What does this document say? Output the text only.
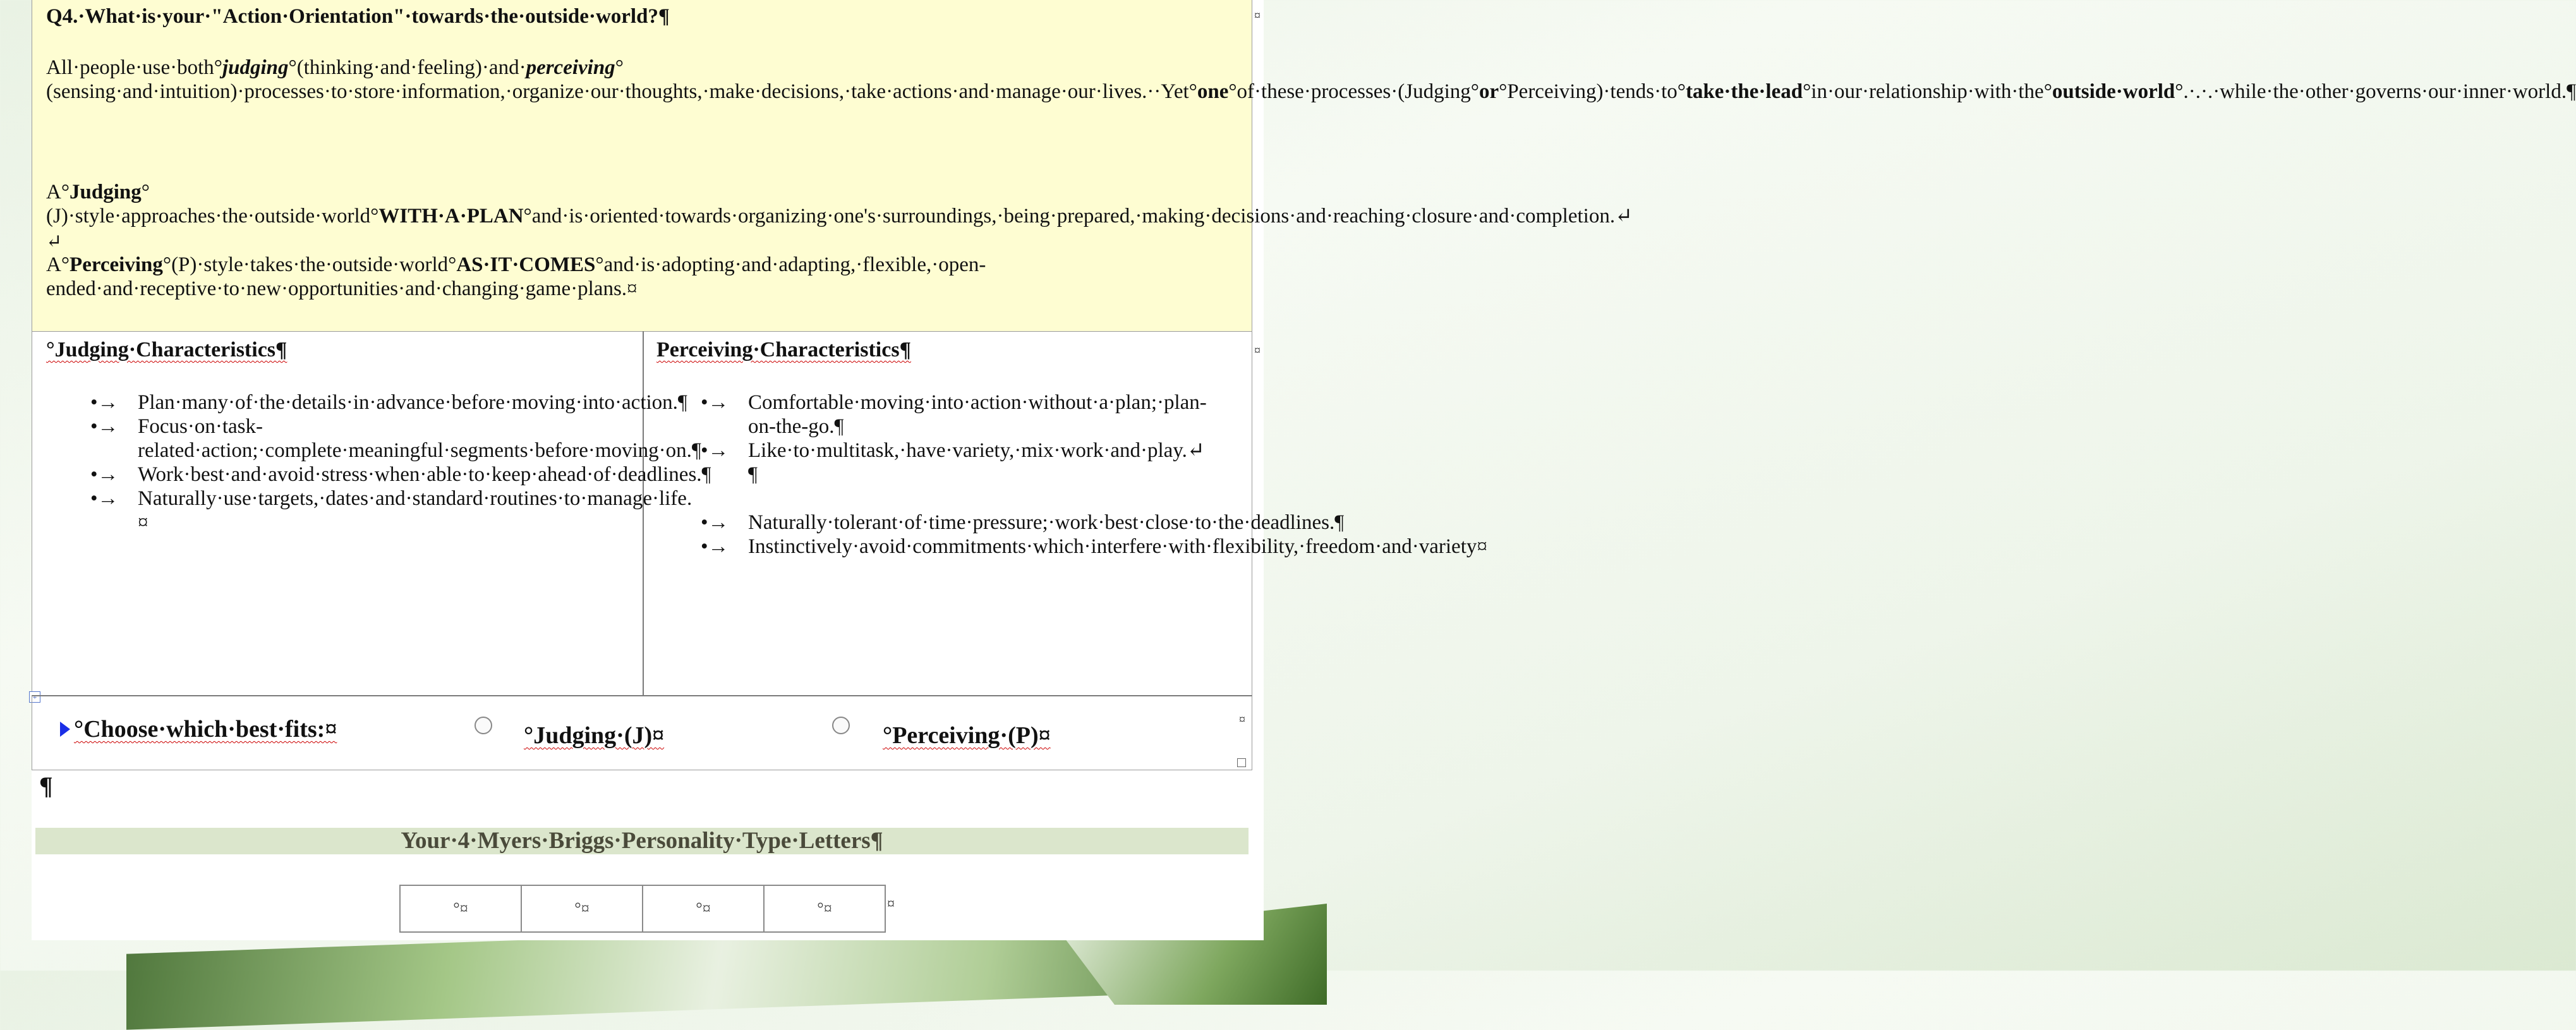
Q4.·What·is·your·"Action·Orientation"·towards·the·outside·world?¶

All·people·use·both°judging°(thinking·and·feeling)·and·perceiving°(sensing·and·intuition)·processes·to·store·information,·organize·our·thoughts,·make·decisions,·take·actions·and·manage·our·lives.··Yet°one°of·these·processes·(Judging°or°Perceiving)·tends·to°take·the·lead°in·our·relationship·with·the°outside·world°.·.·.·while·the·other·governs·our·inner·world.¶

A°Judging°(J)·style·approaches·the·outside·world°WITH·A·PLAN°and·is·oriented·towards·organizing·one's·surroundings,·being·prepared,·making·decisions·and·reaching·closure·and·completion.↵

↵

A°Perceiving°(P)·style·takes·the·outside·world°AS·IT·COMES°and·is·adopting·and·adapting,·flexible,·open-ended·and·receptive·to·new·opportunities·and·changing·game·plans.¤

¤
°Judging·Characteristics¶
•→ Plan·many·of·the·details·in·advance·before·moving·into·action.¶
•→ Focus·on·task-related·action;·complete·meaningful·segments·before·moving·on.¶
•→ Work·best·and·avoid·stress·when·able·to·keep·ahead·of·deadlines.¶
•→ Naturally·use·targets,·dates·and·standard·routines·to·manage·life.¤
Perceiving·Characteristics¶
•→ Comfortable·moving·into·action·without·a·plan;·plan-on-the-go.¶
•→ Like·to·multitask,·have·variety,·mix·work·and·play.↵
¶
•→ Naturally·tolerant·of·time·pressure;·work·best·close·to·the·deadlines.¶
•→ Instinctively·avoid·commitments·which·interfere·with·flexibility,·freedom·and·variety¤
¤
+
°Choose·which·best·fits:¤	°Judging·(J)¤	°Perceiving·(P)¤
¤
¶
Your·4·Myers·Briggs·Personality·Type·Letters¶
°¤	°¤	°¤	°¤	¤
